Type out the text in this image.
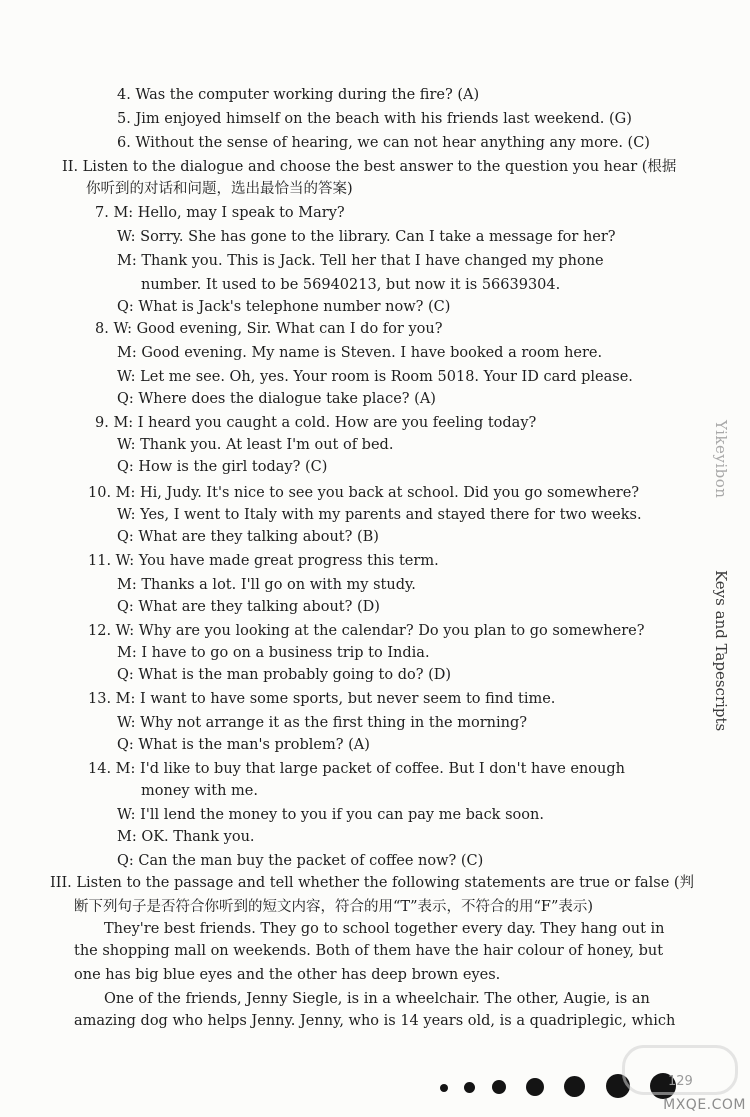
4. Was the computer working during the fire? (A)
5. Jim enjoyed himself on the beach with his friends last weekend. (G)
6. Without the sense of hearing, we can not hear anything any more. (C)
II. Listen to the dialogue and choose the best answer to the question you hear (根据
你听到的对话和问题，选出最恰当的答案)
7. M: Hello, may I speak to Mary?
W: Sorry. She has gone to the library. Can I take a message for her?
M: Thank you. This is Jack. Tell her that I have changed my phone
number. It used to be 56940213, but now it is 56639304.
Q: What is Jack's telephone number now? (C)
8. W: Good evening, Sir. What can I do for you?
M: Good evening. My name is Steven. I have booked a room here.
W: Let me see. Oh, yes. Your room is Room 5018. Your ID card please.
Q: Where does the dialogue take place? (A)
9. M: I heard you caught a cold. How are you feeling today?
W: Thank you. At least I'm out of bed.
Q: How is the girl today? (C)
10. M: Hi, Judy. It's nice to see you back at school. Did you go somewhere?
W: Yes, I went to Italy with my parents and stayed there for two weeks.
Q: What are they talking about? (B)
11. W: You have made great progress this term.
M: Thanks a lot. I'll go on with my study.
Q: What are they talking about? (D)
12. W: Why are you looking at the calendar? Do you plan to go somewhere?
M: I have to go on a business trip to India.
Q: What is the man probably going to do? (D)
13. M: I want to have some sports, but never seem to find time.
W: Why not arrange it as the first thing in the morning?
Q: What is the man's problem? (A)
14. M: I'd like to buy that large packet of coffee. But I don't have enough
money with me.
W: I'll lend the money to you if you can pay me back soon.
M: OK. Thank you.
Q: Can the man buy the packet of coffee now? (C)
III. Listen to the passage and tell whether the following statements are true or false (判
断下列句子是否符合你听到的短文内容，符合的用“T”表示，不符合的用“F”表示)
They're best friends. They go to school together every day. They hang out in
the shopping mall on weekends. Both of them have the hair colour of honey, but
one has big blue eyes and the other has deep brown eyes.
One of the friends, Jenny Siegle, is in a wheelchair. The other, Augie, is an
amazing dog who helps Jenny. Jenny, who is 14 years old, is a quadriplegic, which
Yikeyibon
Keys and Tapescripts
129
MXQE.COM
